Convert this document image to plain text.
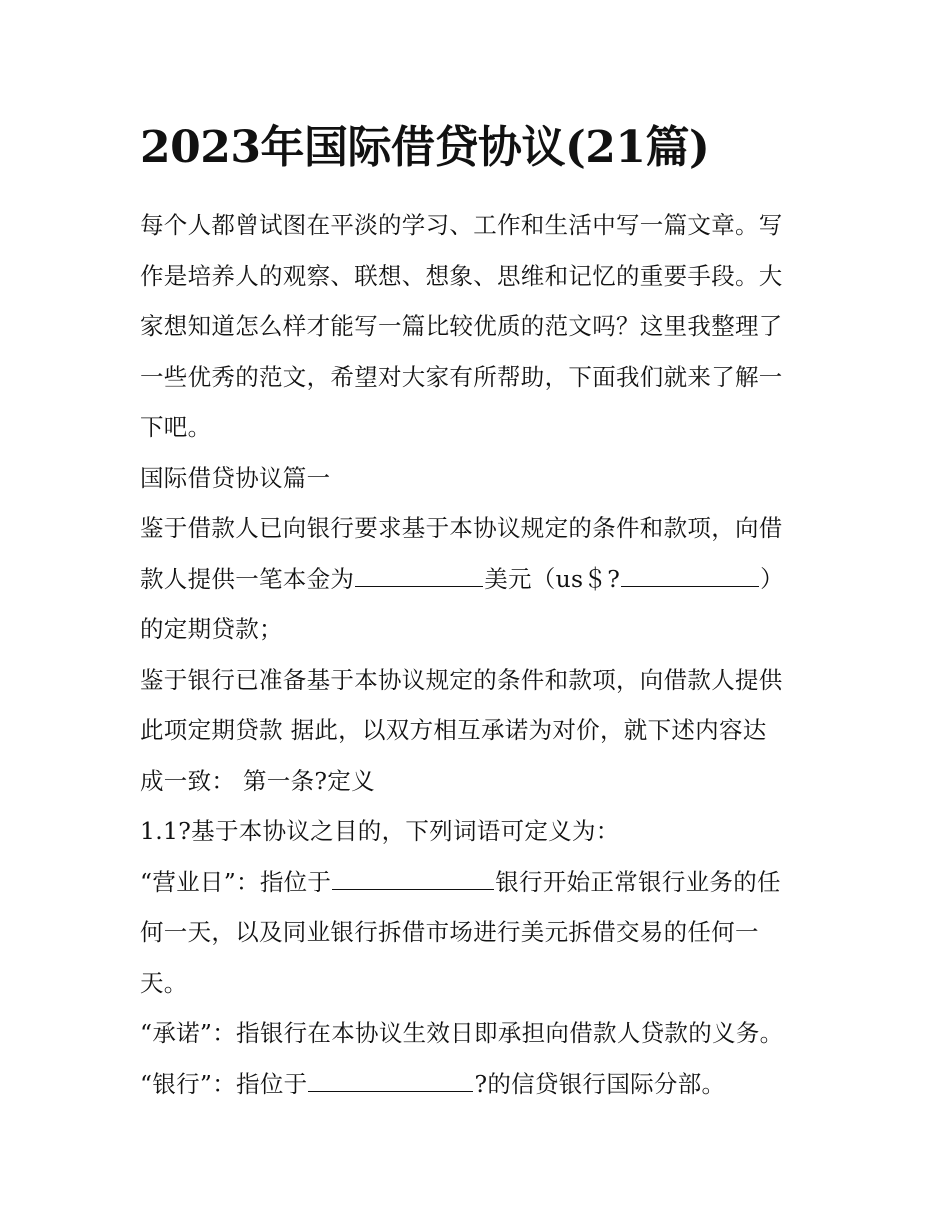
2023年国际借贷协议(21篇)
每个人都曾试图在平淡的学习、工作和生活中写一篇文章。写
作是培养人的观察、联想、想象、思维和记忆的重要手段。大
家想知道怎么样才能写一篇比较优质的范文吗？这里我整理了
一些优秀的范文，希望对大家有所帮助，下面我们就来了解一
下吧。
国际借贷协议篇一
鉴于借款人已向银行要求基于本协议规定的条件和款项，向借
款人提供一笔本金为	美元（us＄?	）
的定期贷款；
鉴于银行已准备基于本协议规定的条件和款项，向借款人提供
此项定期贷款 据此，以双方相互承诺为对价，就下述内容达
成一致： 第一条?定义
1.1?基于本协议之目的，下列词语可定义为：
“营业日”：指位于	银行开始正常银行业务的任
何一天，以及同业银行拆借市场进行美元拆借交易的任何一
天。
“承诺”：指银行在本协议生效日即承担向借款人贷款的义务。
“银行”：指位于	?的信贷银行国际分部。
